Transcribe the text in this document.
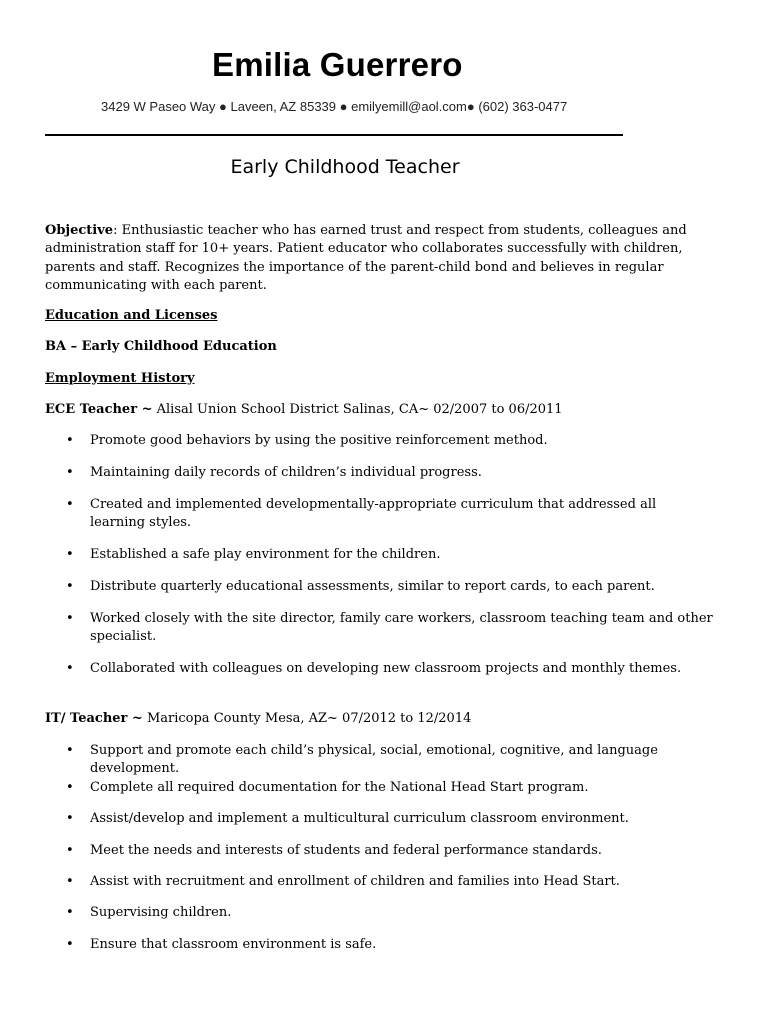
Emilia Guerrero
3429 W Paseo Way ● Laveen, AZ 85339 ● emilyemill@aol.com● (602) 363-0477
Early Childhood Teacher

Objective: Enthusiastic teacher who has earned trust and respect from students, colleagues and administration staff for 10+ years. Patient educator who collaborates successfully with children, parents and staff. Recognizes the importance of the parent-child bond and believes in regular communicating with each parent.

Education and Licenses

BA – Early Childhood Education

Employment History

ECE Teacher ~ Alisal Union School District Salinas, CA~ 02/2007 to 06/2011

• Promote good behaviors by using the positive reinforcement method.
• Maintaining daily records of children’s individual progress.
• Created and implemented developmentally-appropriate curriculum that addressed all learning styles.
• Established a safe play environment for the children.
• Distribute quarterly educational assessments, similar to report cards, to each parent.
• Worked closely with the site director, family care workers, classroom teaching team and other specialist.
• Collaborated with colleagues on developing new classroom projects and monthly themes.

IT/ Teacher ~ Maricopa County Mesa, AZ~ 07/2012 to 12/2014

• Support and promote each child’s physical, social, emotional, cognitive, and language development.
• Complete all required documentation for the National Head Start program.
• Assist/develop and implement a multicultural curriculum classroom environment.
• Meet the needs and interests of students and federal performance standards.
• Assist with recruitment and enrollment of children and families into Head Start.
• Supervising children.
• Ensure that classroom environment is safe.
